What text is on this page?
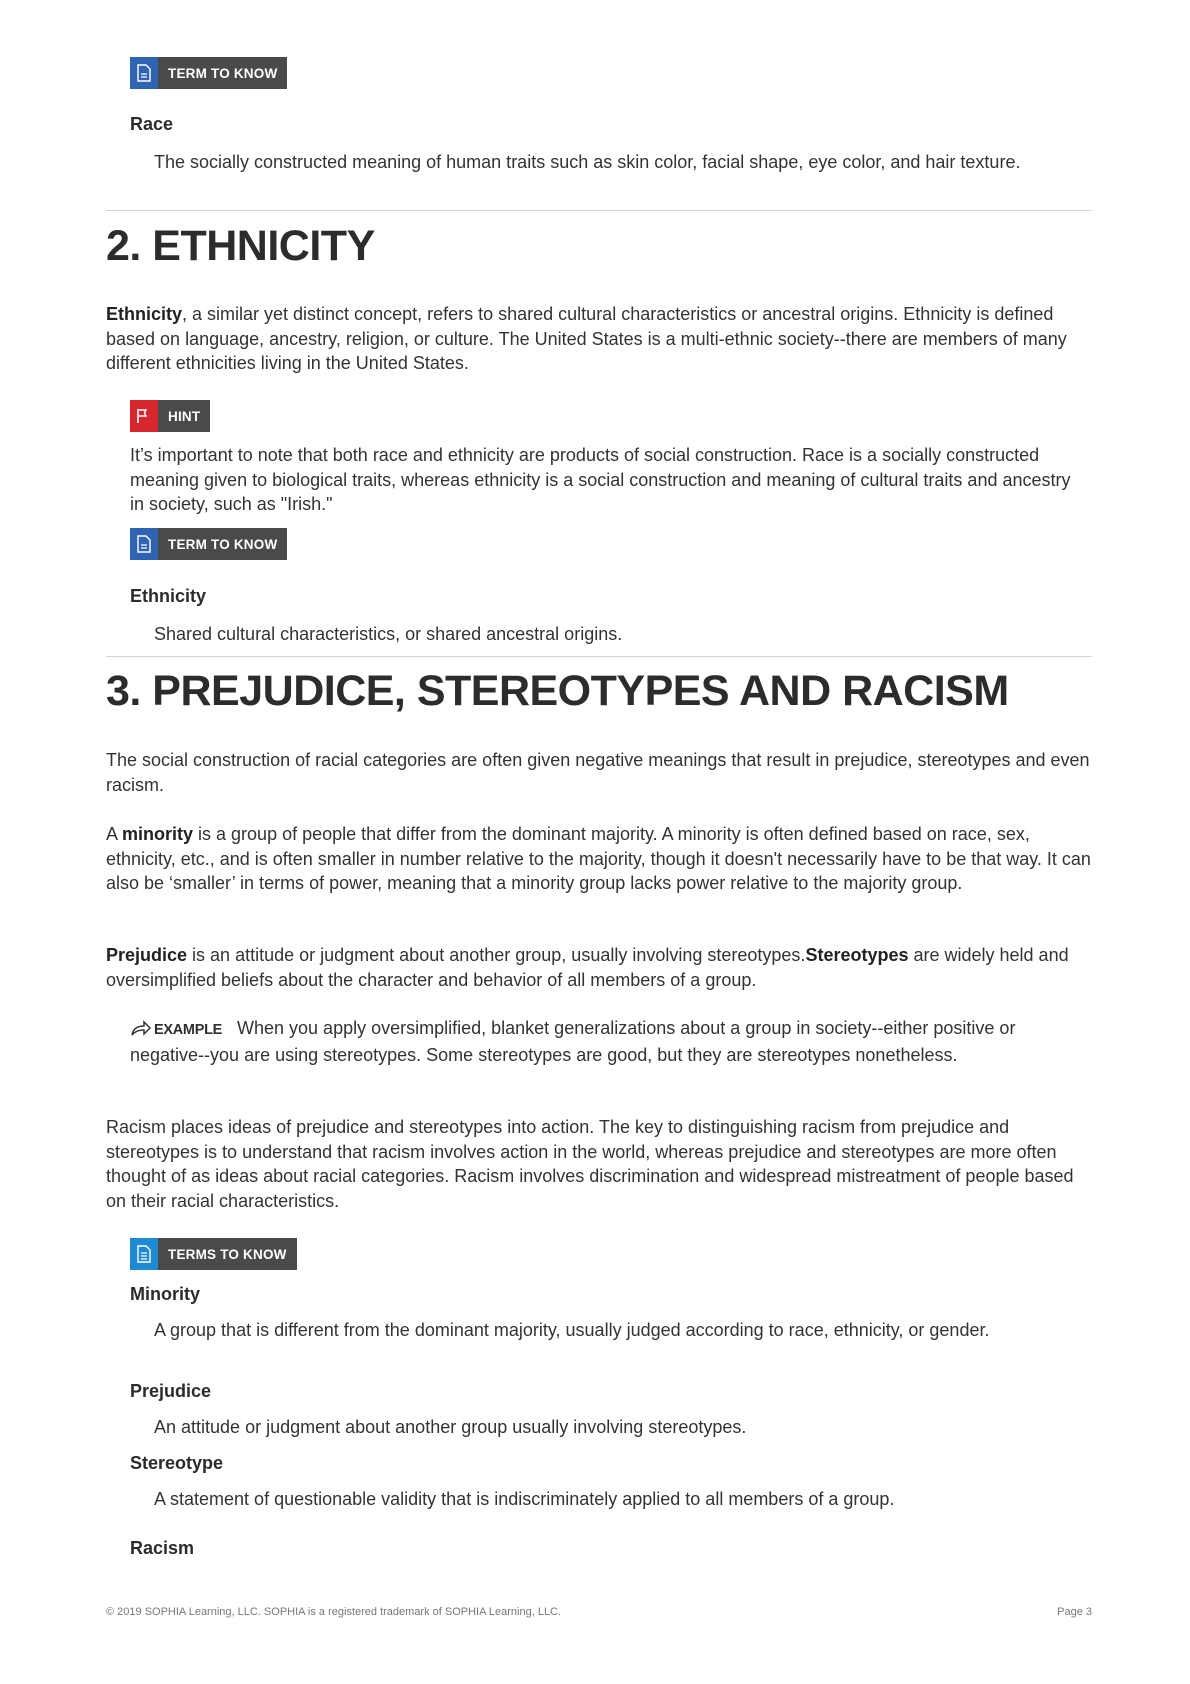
TERM TO KNOW

Race

The socially constructed meaning of human traits such as skin color, facial shape, eye color, and hair texture.

2. ETHNICITY

Ethnicity, a similar yet distinct concept, refers to shared cultural characteristics or ancestral origins. Ethnicity is defined based on language, ancestry, religion, or culture. The United States is a multi-ethnic society--there are members of many different ethnicities living in the United States.

HINT

It’s important to note that both race and ethnicity are products of social construction. Race is a socially constructed meaning given to biological traits, whereas ethnicity is a social construction and meaning of cultural traits and ancestry in society, such as "Irish."

TERM TO KNOW

Ethnicity

Shared cultural characteristics, or shared ancestral origins.

3. PREJUDICE, STEREOTYPES AND RACISM

The social construction of racial categories are often given negative meanings that result in prejudice, stereotypes and even racism.

A minority is a group of people that differ from the dominant majority. A minority is often defined based on race, sex, ethnicity, etc., and is often smaller in number relative to the majority, though it doesn't necessarily have to be that way. It can also be ‘smaller’ in terms of power, meaning that a minority group lacks power relative to the majority group.

Prejudice is an attitude or judgment about another group, usually involving stereotypes.Stereotypes are widely held and oversimplified beliefs about the character and behavior of all members of a group.

EXAMPLE When you apply oversimplified, blanket generalizations about a group in society--either positive or negative--you are using stereotypes. Some stereotypes are good, but they are stereotypes nonetheless.

Racism places ideas of prejudice and stereotypes into action. The key to distinguishing racism from prejudice and stereotypes is to understand that racism involves action in the world, whereas prejudice and stereotypes are more often thought of as ideas about racial categories. Racism involves discrimination and widespread mistreatment of people based on their racial characteristics.

TERMS TO KNOW

Minority

A group that is different from the dominant majority, usually judged according to race, ethnicity, or gender.

Prejudice

An attitude or judgment about another group usually involving stereotypes.

Stereotype

A statement of questionable validity that is indiscriminately applied to all members of a group.

Racism

© 2019 SOPHIA Learning, LLC. SOPHIA is a registered trademark of SOPHIA Learning, LLC.	Page 3
